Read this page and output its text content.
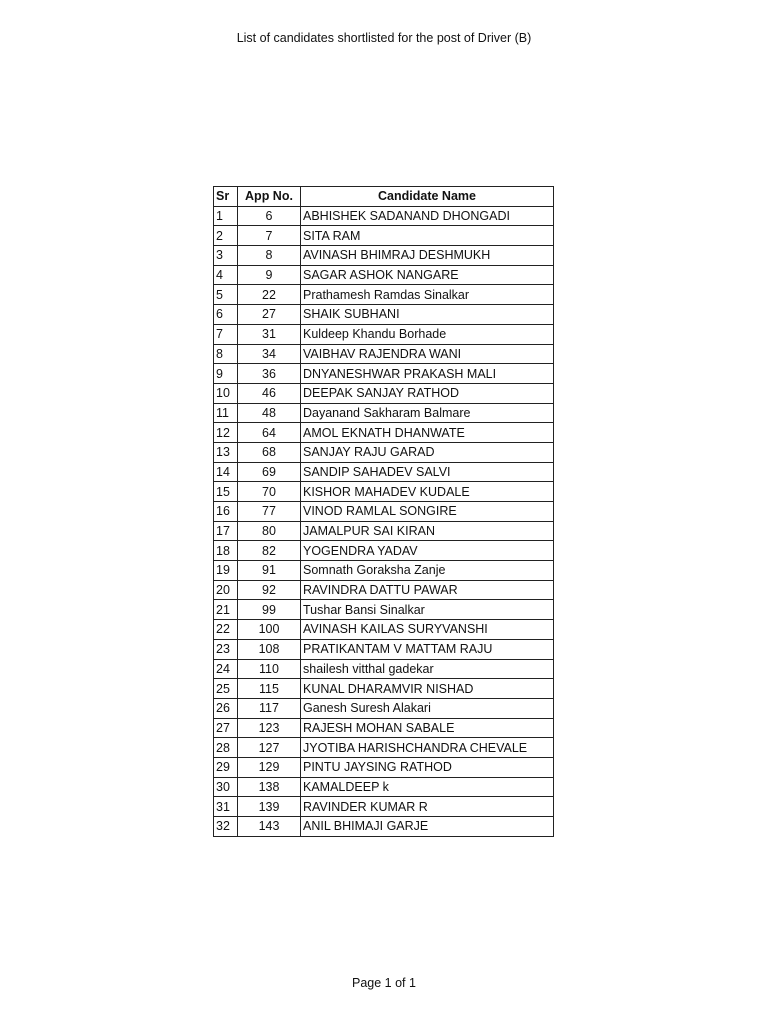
List of candidates shortlisted for the post of Driver (B)
Sr	App No.	Candidate Name
1	6	ABHISHEK SADANAND DHONGADI
2	7	SITA RAM
3	8	AVINASH BHIMRAJ DESHMUKH
4	9	SAGAR ASHOK NANGARE
5	22	Prathamesh Ramdas Sinalkar
6	27	SHAIK SUBHANI
7	31	Kuldeep Khandu Borhade
8	34	VAIBHAV RAJENDRA WANI
9	36	DNYANESHWAR PRAKASH MALI
10	46	DEEPAK SANJAY RATHOD
11	48	Dayanand Sakharam Balmare
12	64	AMOL EKNATH DHANWATE
13	68	SANJAY RAJU GARAD
14	69	SANDIP SAHADEV SALVI
15	70	KISHOR MAHADEV KUDALE
16	77	VINOD RAMLAL SONGIRE
17	80	JAMALPUR SAI KIRAN
18	82	YOGENDRA YADAV
19	91	Somnath Goraksha Zanje
20	92	RAVINDRA DATTU PAWAR
21	99	Tushar Bansi Sinalkar
22	100	AVINASH KAILAS SURYVANSHI
23	108	PRATIKANTAM V MATTAM RAJU
24	110	shailesh vitthal gadekar
25	115	KUNAL DHARAMVIR NISHAD
26	117	Ganesh Suresh Alakari
27	123	RAJESH MOHAN SABALE
28	127	JYOTIBA HARISHCHANDRA CHEVALE
29	129	PINTU JAYSING RATHOD
30	138	KAMALDEEP k
31	139	RAVINDER KUMAR R
32	143	ANIL BHIMAJI GARJE
Page 1 of 1
